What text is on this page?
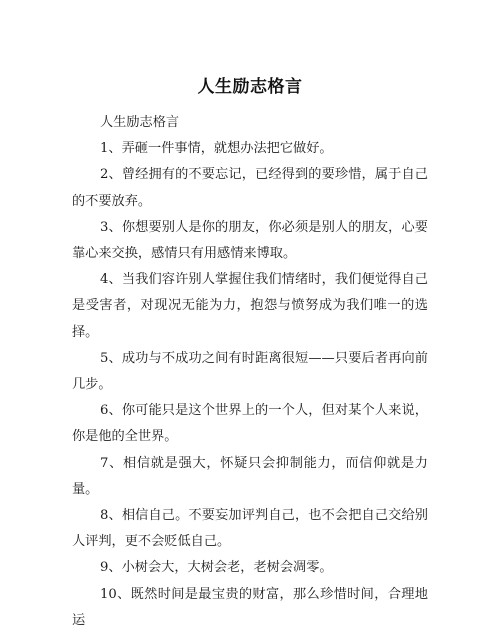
人生励志格言

人生励志格言

1、弄砸一件事情，就想办法把它做好。

2、曾经拥有的不要忘记，已经得到的要珍惜，属于自己的不要放弃。

3、你想要别人是你的朋友，你必须是别人的朋友，心要靠心来交换，感情只有用感情来博取。

4、当我们容许别人掌握住我们情绪时，我们便觉得自己是受害者，对现况无能为力，抱怨与愤努成为我们唯一的选择。

5、成功与不成功之间有时距离很短——只要后者再向前几步。

6、你可能只是这个世界上的一个人，但对某个人来说，你是他的全世界。

7、相信就是强大，怀疑只会抑制能力，而信仰就是力量。

8、相信自己。不要妄加评判自己，也不会把自己交给别人评判，更不会贬低自己。

9、小树会大，大树会老，老树会凋零。

10、既然时间是最宝贵的财富，那么珍惜时间，合理地运
